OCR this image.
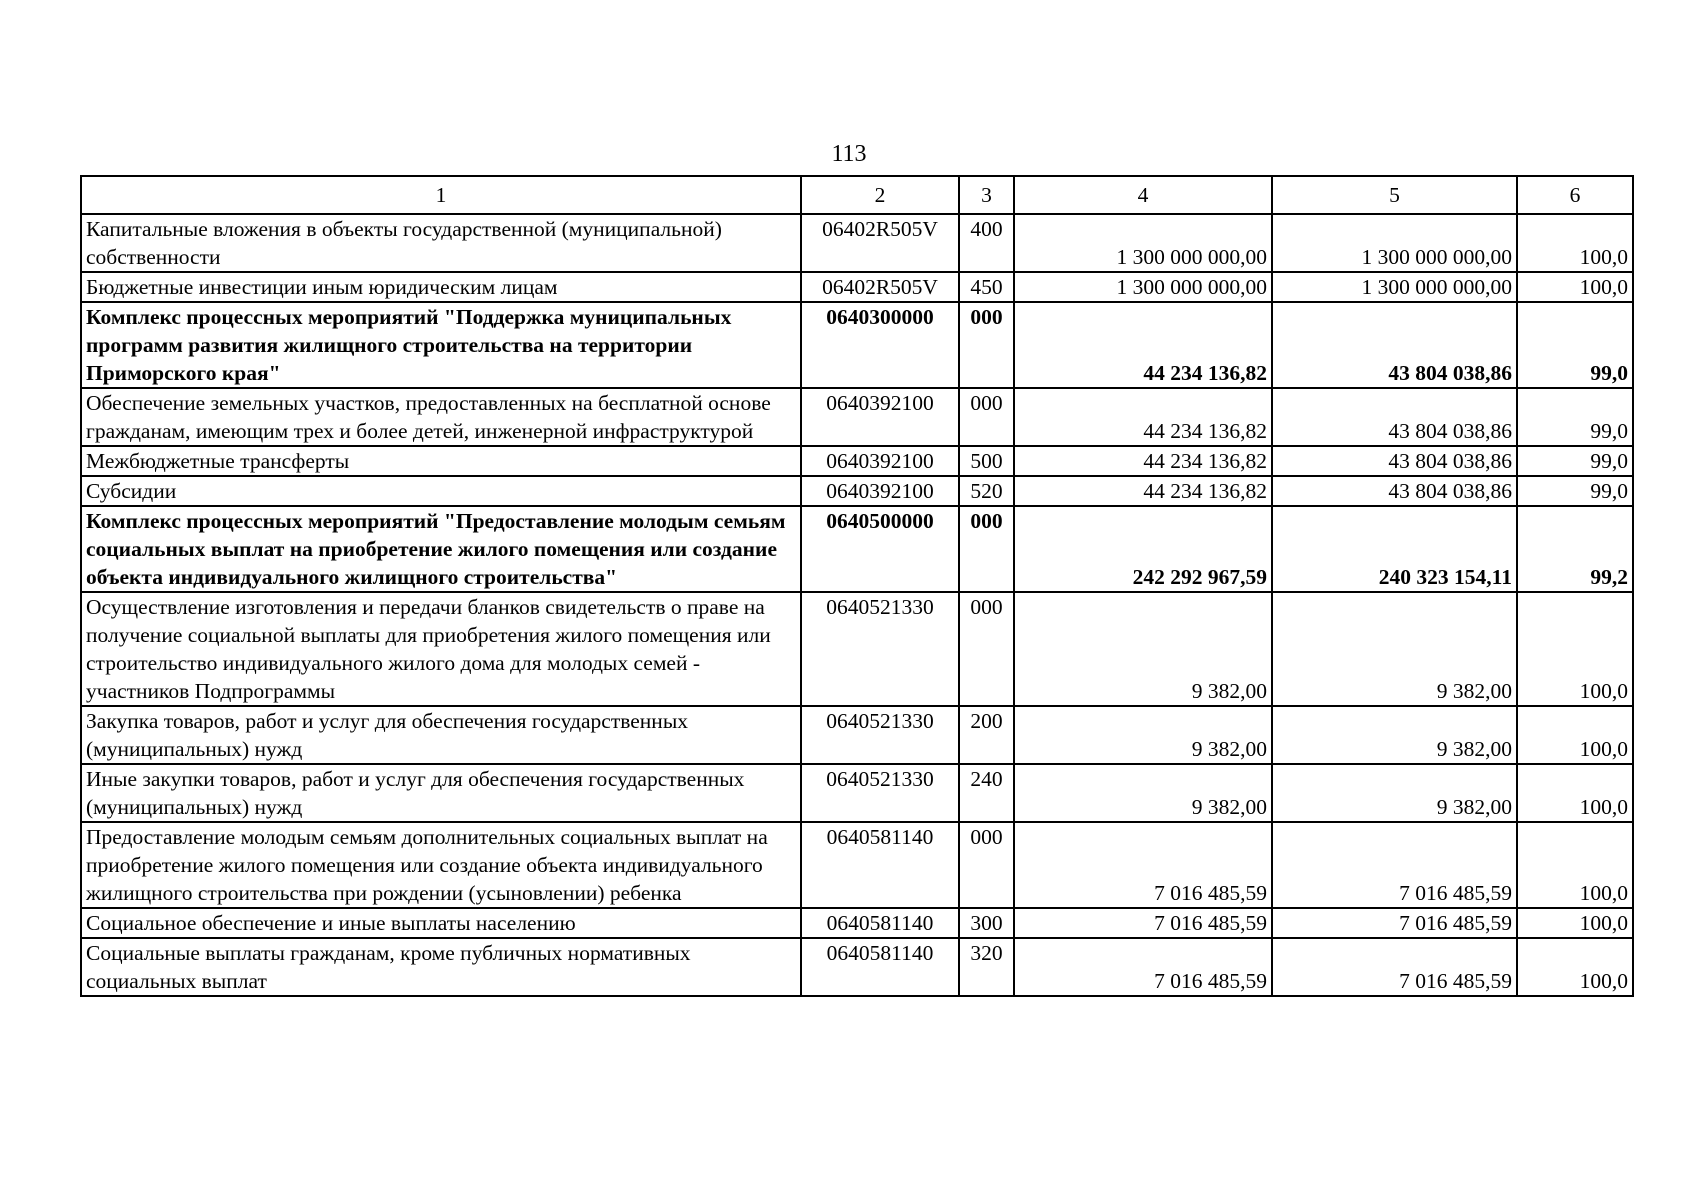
113
1	2	3	4	5	6
Капитальные вложения в объекты государственной (муниципальной) собственности	06402R505V	400	1 300 000 000,00	1 300 000 000,00	100,0
Бюджетные инвестиции иным юридическим лицам	06402R505V	450	1 300 000 000,00	1 300 000 000,00	100,0
Комплекс процессных мероприятий "Поддержка муниципальных программ развития жилищного строительства на территории Приморского края"	0640300000	000	44 234 136,82	43 804 038,86	99,0
Обеспечение земельных участков, предоставленных на бесплатной основе гражданам, имеющим трех и более детей, инженерной инфраструктурой	0640392100	000	44 234 136,82	43 804 038,86	99,0
Межбюджетные трансферты	0640392100	500	44 234 136,82	43 804 038,86	99,0
Субсидии	0640392100	520	44 234 136,82	43 804 038,86	99,0
Комплекс процессных мероприятий "Предоставление молодым семьям социальных выплат на приобретение жилого помещения или создание объекта индивидуального жилищного строительства"	0640500000	000	242 292 967,59	240 323 154,11	99,2
Осуществление изготовления и передачи бланков свидетельств о праве на получение социальной выплаты для приобретения жилого помещения или строительство индивидуального жилого дома для молодых семей - участников Подпрограммы	0640521330	000	9 382,00	9 382,00	100,0
Закупка товаров, работ и услуг для обеспечения государственных (муниципальных) нужд	0640521330	200	9 382,00	9 382,00	100,0
Иные закупки товаров, работ и услуг для обеспечения государственных (муниципальных) нужд	0640521330	240	9 382,00	9 382,00	100,0
Предоставление молодым семьям дополнительных социальных выплат на приобретение жилого помещения или создание объекта индивидуального жилищного строительства при рождении (усыновлении) ребенка	0640581140	000	7 016 485,59	7 016 485,59	100,0
Социальное обеспечение и иные выплаты населению	0640581140	300	7 016 485,59	7 016 485,59	100,0
Социальные выплаты гражданам, кроме публичных нормативных социальных выплат	0640581140	320	7 016 485,59	7 016 485,59	100,0
